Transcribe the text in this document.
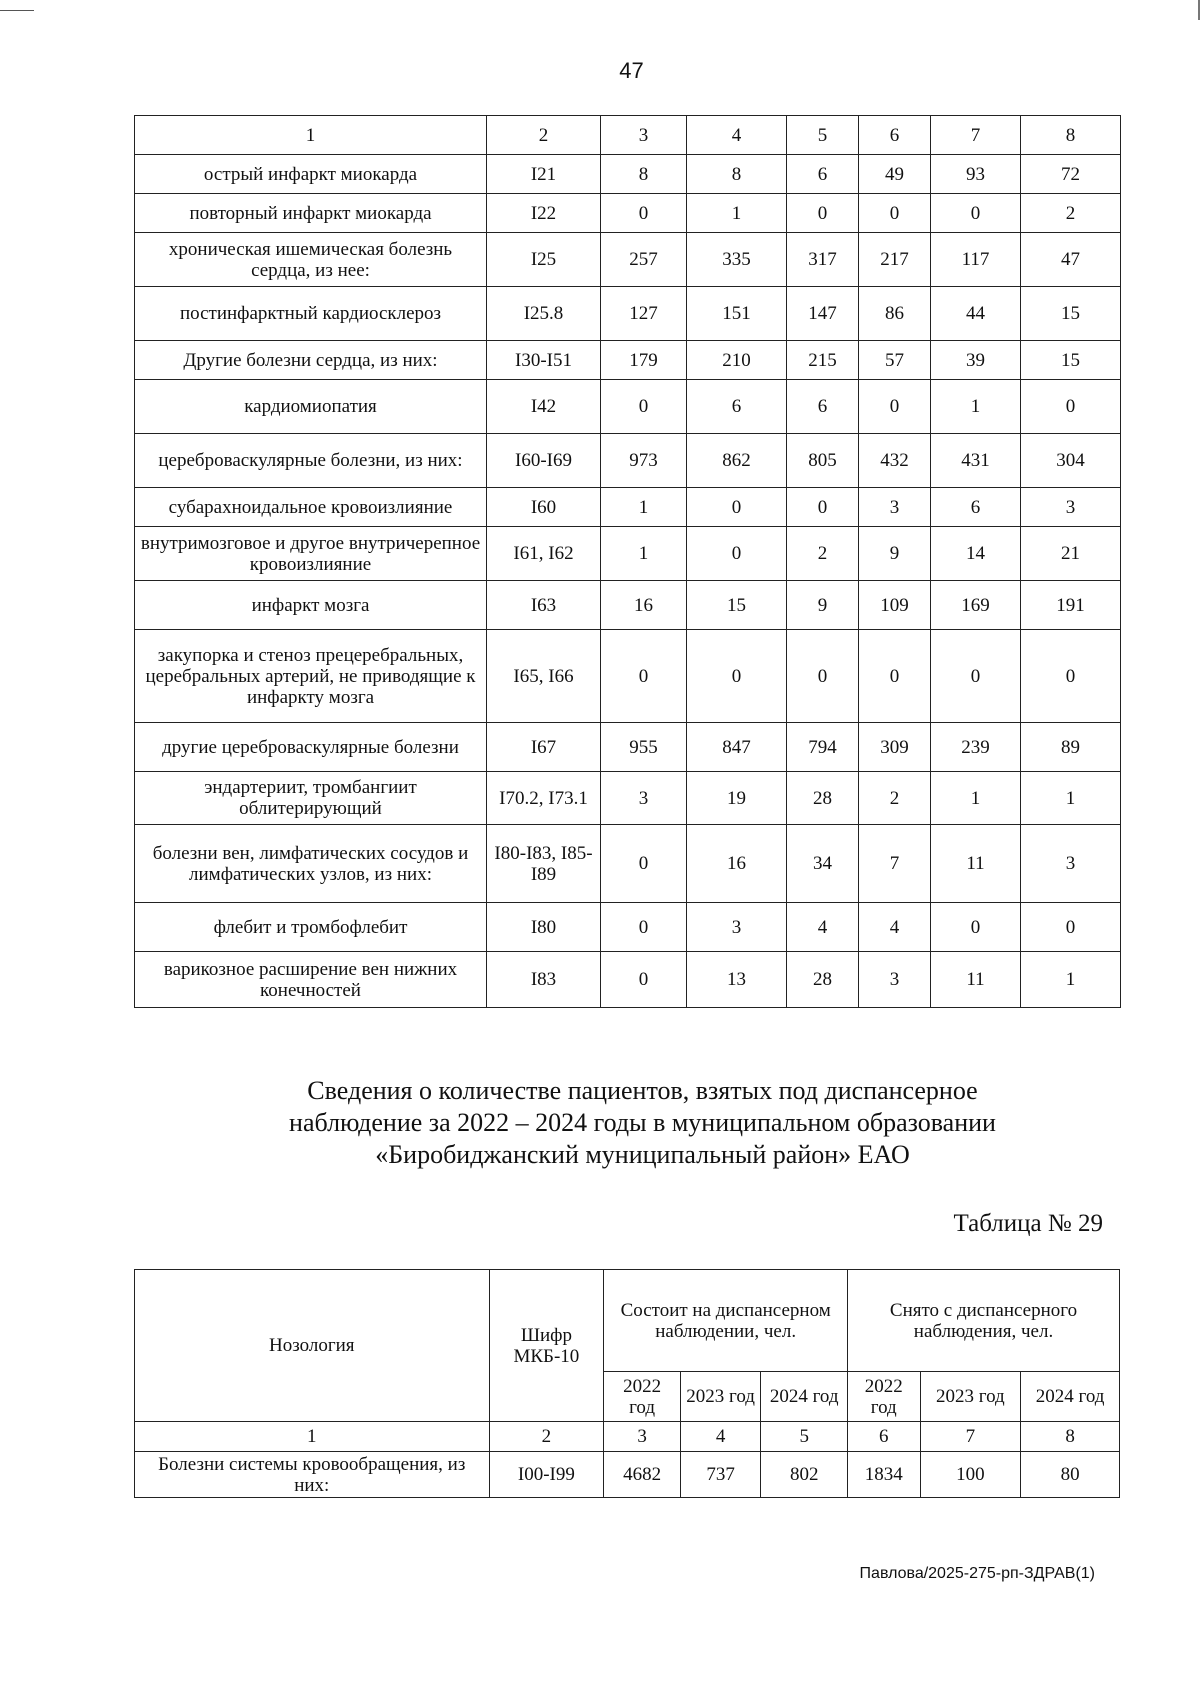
47
1	2	3	4	5	6	7	8
острый инфаркт миокарда	I21	8	8	6	49	93	72
повторный инфаркт миокарда	I22	0	1	0	0	0	2
хроническая ишемическая болезнь сердца, из нее:	I25	257	335	317	217	117	47
постинфарктный кардиосклероз	I25.8	127	151	147	86	44	15
Другие болезни сердца, из них:	I30-I51	179	210	215	57	39	15
кардиомиопатия	I42	0	6	6	0	1	0
цереброваскулярные болезни, из них:	I60-I69	973	862	805	432	431	304
субарахноидальное кровоизлияние	I60	1	0	0	3	6	3
внутримозговое и другое внутричерепное кровоизлияние	I61, I62	1	0	2	9	14	21
инфаркт мозга	I63	16	15	9	109	169	191
закупорка и стеноз прецеребральных, церебральных артерий, не приводящие к инфаркту мозга	I65, I66	0	0	0	0	0	0
другие цереброваскулярные болезни	I67	955	847	794	309	239	89
эндартериит, тромбангиит облитерирующий	I70.2, I73.1	3	19	28	2	1	1
болезни вен, лимфатических сосудов и лимфатических узлов, из них:	I80-I83, I85-I89	0	16	34	7	11	3
флебит и тромбофлебит	I80	0	3	4	4	0	0
варикозное расширение вен нижних конечностей	I83	0	13	28	3	11	1
Сведения о количестве пациентов, взятых под диспансерное
наблюдение за 2022 – 2024 годы в муниципальном образовании
«Биробиджанский муниципальный район» ЕАО
Таблица № 29
Нозология	Шифр МКБ-10	Состоит на диспансерном наблюдении, чел.			Снято с диспансерного наблюдения, чел.		
		2022 год	2023 год	2024 год	2022 год	2023 год	2024 год
1	2	3	4	5	6	7	8
Болезни системы кровообращения, из них:	I00-I99	4682	737	802	1834	100	80
Павлова/2025-275-рп-ЗДРАВ(1)
